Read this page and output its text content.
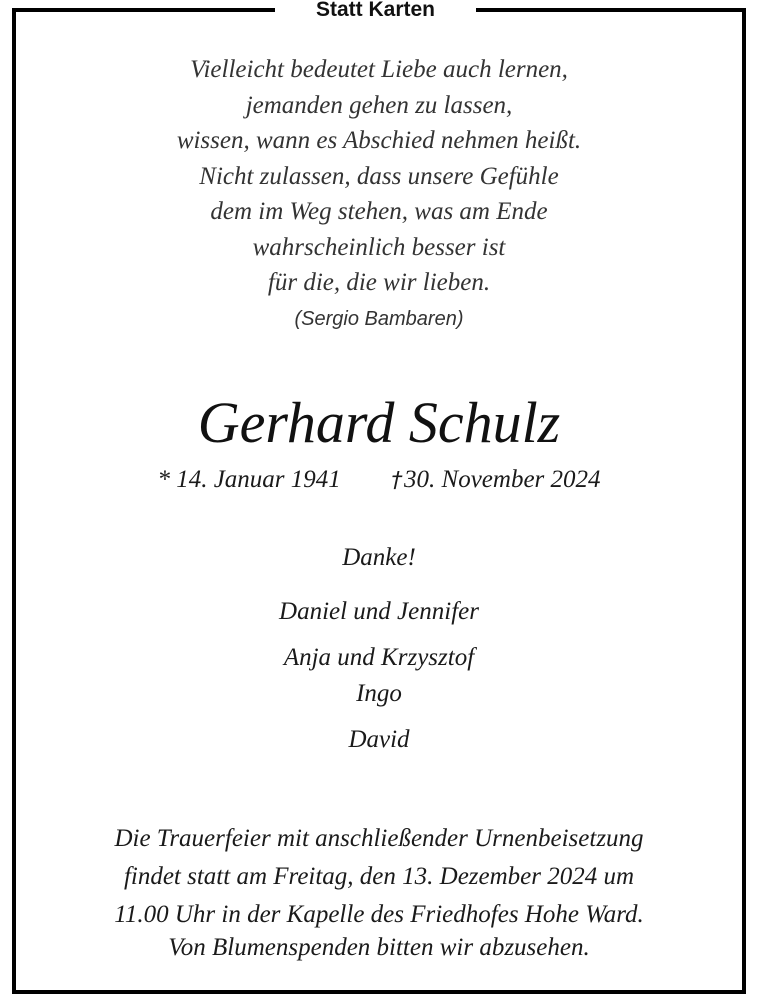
Statt Karten
Vielleicht bedeutet Liebe auch lernen,
jemanden gehen zu lassen,
wissen, wann es Abschied nehmen heißt.
Nicht zulassen, dass unsere Gefühle
dem im Weg stehen, was am Ende
wahrscheinlich besser ist
für die, die wir lieben.
(Sergio Bambaren)
Gerhard Schulz
* 14. Januar 1941 †30. November 2024
Danke!
Daniel und Jennifer
Anja und Krzysztof
Ingo
David
Die Trauerfeier mit anschließender Urnenbeisetzung
findet statt am Freitag, den 13. Dezember 2024 um
11.00 Uhr in der Kapelle des Friedhofes Hohe Ward.
Von Blumenspenden bitten wir abzusehen.
